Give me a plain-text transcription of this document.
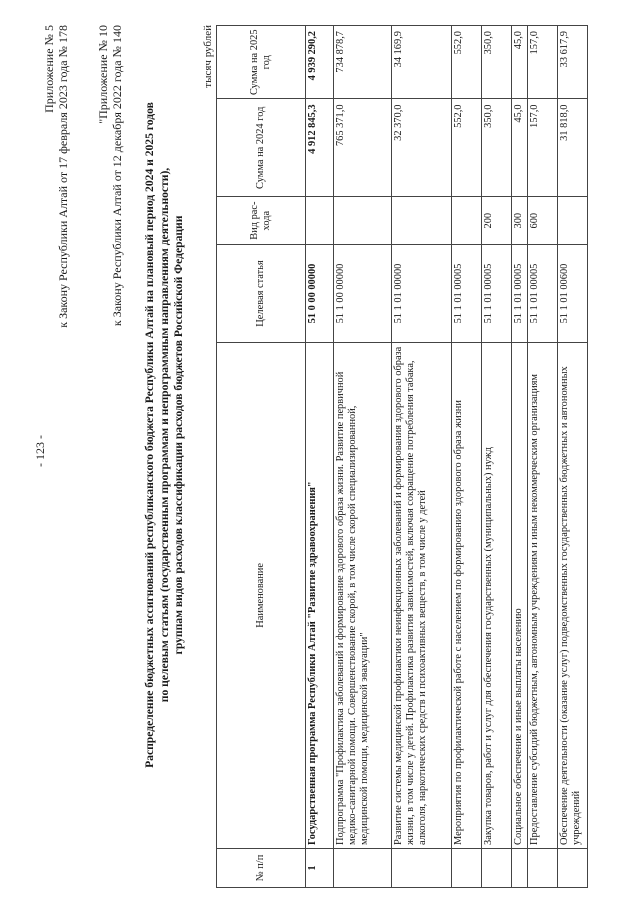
- 123 -
Приложение № 5 к Закону Республики Алтай от 17 февраля 2023 года № 178 "Приложение № 10 к Закону Республики Алтай от 12 декабря 2022 года № 140 Распределение бюджетных ассигнований республиканского бюджета Республики Алтай на плановый период 2024 и 2025 годов по целевым статьям (государственным программам и непрограммным направлениям деятельности), группам видов расходов классификации расходов бюджетов Российской Федерации
тысяч рублей
№ п/п	Наименование	Целевая статья	Вид рас-хода	Сумма на 2024 год	Сумма на 2025 год
1	Государственная программа Республики Алтай "Развитие здравоохранения"	51 0 00 00000		4 912 845,3	4 939 290,2
	Подпрограмма "Профилактика заболеваний и формирование здорового образа жизни. Развитие первичной медико-санитарной помощи. Совершенствование скорой, в том числе скорой специализированной, медицинской помощи, медицинской эвакуации"	51 1 00 00000		765 371,0	734 878,7
	Развитие системы медицинской профилактики неинфекционных заболеваний и формирования здорового образа жизни, в том числе у детей. Профилактика развития зависимостей, включая сокращение потребления табака, алкоголя, наркотических средств и психоактивных веществ, в том числе у детей	51 1 01 00000		32 370,0	34 169,9
	Мероприятия по профилактической работе с населением по формированию здорового образа жизни	51 1 01 00005		552,0	552,0
	Закупка товаров, работ и услуг для обеспечения государственных (муниципальных) нужд	51 1 01 00005	200	350,0	350,0
	Социальное обеспечение и иные выплаты населению	51 1 01 00005	300	45,0	45,0
	Предоставление субсидий бюджетным, автономным учреждениям и иным некоммерческим организациям	51 1 01 00005	600	157,0	157,0
	Обеспечение деятельности (оказание услуг) подведомственных государственных бюджетных и автономных учреждений	51 1 01 00600		31 818,0	33 617,9
